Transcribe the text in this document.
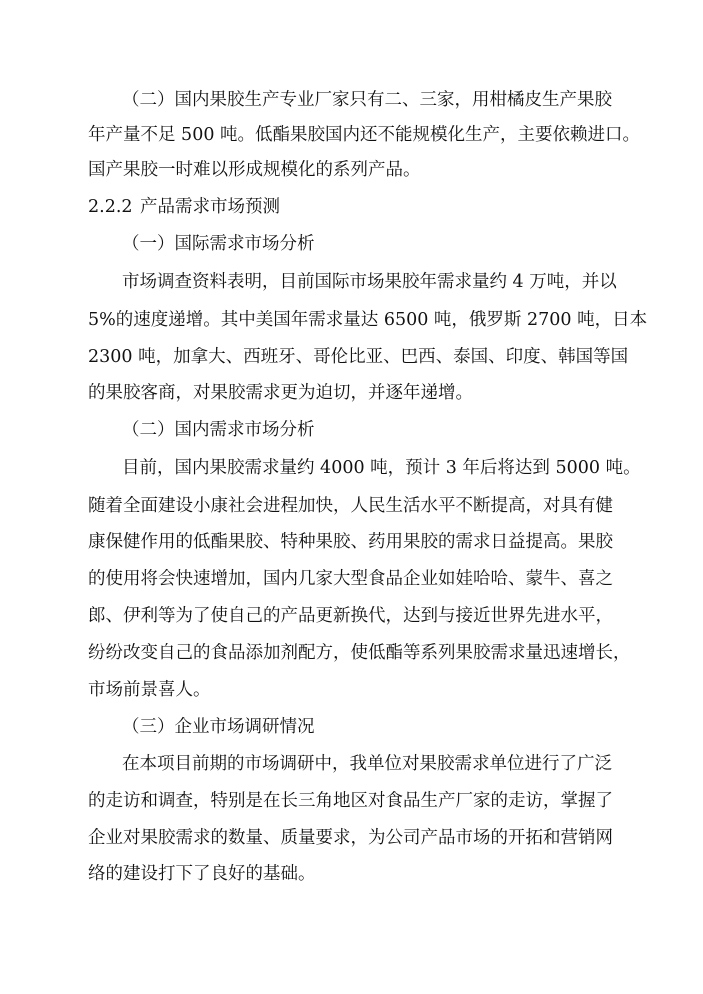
（二）国内果胶生产专业厂家只有二、三家，用柑橘皮生产果胶

年产量不足 500 吨。低酯果胶国内还不能规模化生产，主要依赖进口。

国产果胶一时难以形成规模化的系列产品。

2.2.2 产品需求市场预测

（一）国际需求市场分析

市场调查资料表明，目前国际市场果胶年需求量约 4 万吨，并以

5%的速度递增。其中美国年需求量达 6500 吨，俄罗斯 2700 吨，日本

2300 吨，加拿大、西班牙、哥伦比亚、巴西、泰国、印度、韩国等国

的果胶客商，对果胶需求更为迫切，并逐年递增。

（二）国内需求市场分析

目前，国内果胶需求量约 4000 吨，预计 3 年后将达到 5000 吨。

随着全面建设小康社会进程加快，人民生活水平不断提高，对具有健

康保健作用的低酯果胶、特种果胶、药用果胶的需求日益提高。果胶

的使用将会快速增加，国内几家大型食品企业如娃哈哈、蒙牛、喜之

郎、伊利等为了使自己的产品更新换代，达到与接近世界先进水平，

纷纷改变自己的食品添加剂配方，使低酯等系列果胶需求量迅速增长，

市场前景喜人。

（三）企业市场调研情况

在本项目前期的市场调研中，我单位对果胶需求单位进行了广泛

的走访和调查，特别是在长三角地区对食品生产厂家的走访，掌握了

企业对果胶需求的数量、质量要求，为公司产品市场的开拓和营销网

络的建设打下了良好的基础。
